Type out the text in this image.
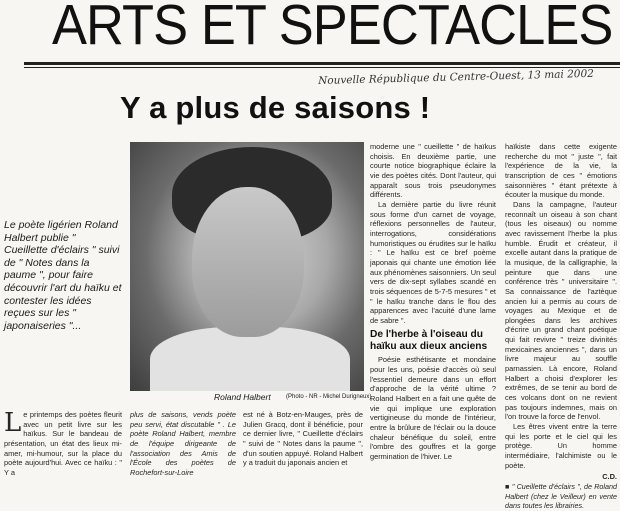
ARTS ET SPECTACLES
Nouvelle République du Centre-Ouest, 13 mai 2002
Y a plus de saisons !
Le poète ligérien Roland Halbert publie " Cueillette d'éclairs " suivi de " Notes dans la paume ", pour faire découvrir l'art du haïku et contester les idées reçues sur les " japonaiseries "...
Roland Halbert	(Photo - NR - Michel Durigneux)

Le printemps des poètes fleurit avec un petit livre sur les haïkus. Sur le bandeau de présentation, un état des lieux mi-amer, mi-humour, sur la place du poète aujourd'hui. Avec ce haïku : " Y a

plus de saisons, vends poète peu servi, état discutable " . Le poète Roland Halbert, membre de l'équipe dirigeante de l'association des Amis de l'École des poètes de Rochefort-sur-Loire

est né à Botz-en-Mauges, près de Julien Gracq, dont il bénéficie, pour ce dernier livre, " Cueillette d'éclairs " suivi de " Notes dans la paume ", d'un soutien appuyé. Roland Halbert y a traduit du japonais ancien et

moderne une " cueillette " de haïkus choisis. En deuxième partie, une courte notice biographique éclaire la vie des poètes cités. Dont l'auteur, qui apparaît sous trois pseudonymes différents.

La dernière partie du livre réunit sous forme d'un carnet de voyage, réflexions personnelles de l'auteur, interrogations, considérations humoristiques ou érudites sur le haïku : " Le haïku est ce bref poème japonais qui chante une émotion liée aux phénomènes saisonniers. Un seul vers de dix-sept syllabes scandé en trois séquences de 5-7-5 mesures " et " le haïku tranche dans le flou des apparences avec l'acuité d'une lame de sabre ".

De l'herbe à l'oiseau du haïku aux dieux anciens

Poésie esthétisante et mondaine pour les uns, poésie d'accès où seul l'essentiel demeure dans un effort d'approche de la vérité ultime ? Roland Halbert en a fait une quête de vie qui implique une exploration vertigineuse du monde de l'intérieur, entre la brûlure de l'éclair ou la douce chaleur bénéfique du soleil, entre l'ombre des gouffres et la gorge germination de l'hiver. Le

haïkiste dans cette exigente recherche du mot " juste ", fait l'expérience de la vie, la transcription de ces " émotions saisonnières " étant prétexte à écouter la musique du monde.

Dans la campagne, l'auteur reconnaît un oiseau à son chant (tous les oiseaux) ou nomme avec ravissement l'herbe la plus humble. Érudit et créateur, il excelle autant dans la pratique de la musique, de la calligraphie, la peinture que dans une conférence très " universitaire ". Sa connaissance de l'aztèque ancien lui a permis au cours de voyages au Mexique et de plongées dans les archives d'écrire un grand chant poétique qui fait revivre " treize divinités mexicaines anciennes ", dans un livre majeur au souffle parnassien. Là encore, Roland Halbert a choisi d'explorer les extrêmes, de se tenir au bord de ces volcans dont on ne revient pas toujours indemnes, mais on l'on trouve la force de l'envol.

Les êtres vivent entre la terre qui les porte et le ciel qui les protège. Un homme intermédiaire, l'alchimiste ou le poète.

C.D.

■ " Cueillette d'éclairs ", de Roland Halbert (chez le Veilleur) en vente dans toutes les librairies.
